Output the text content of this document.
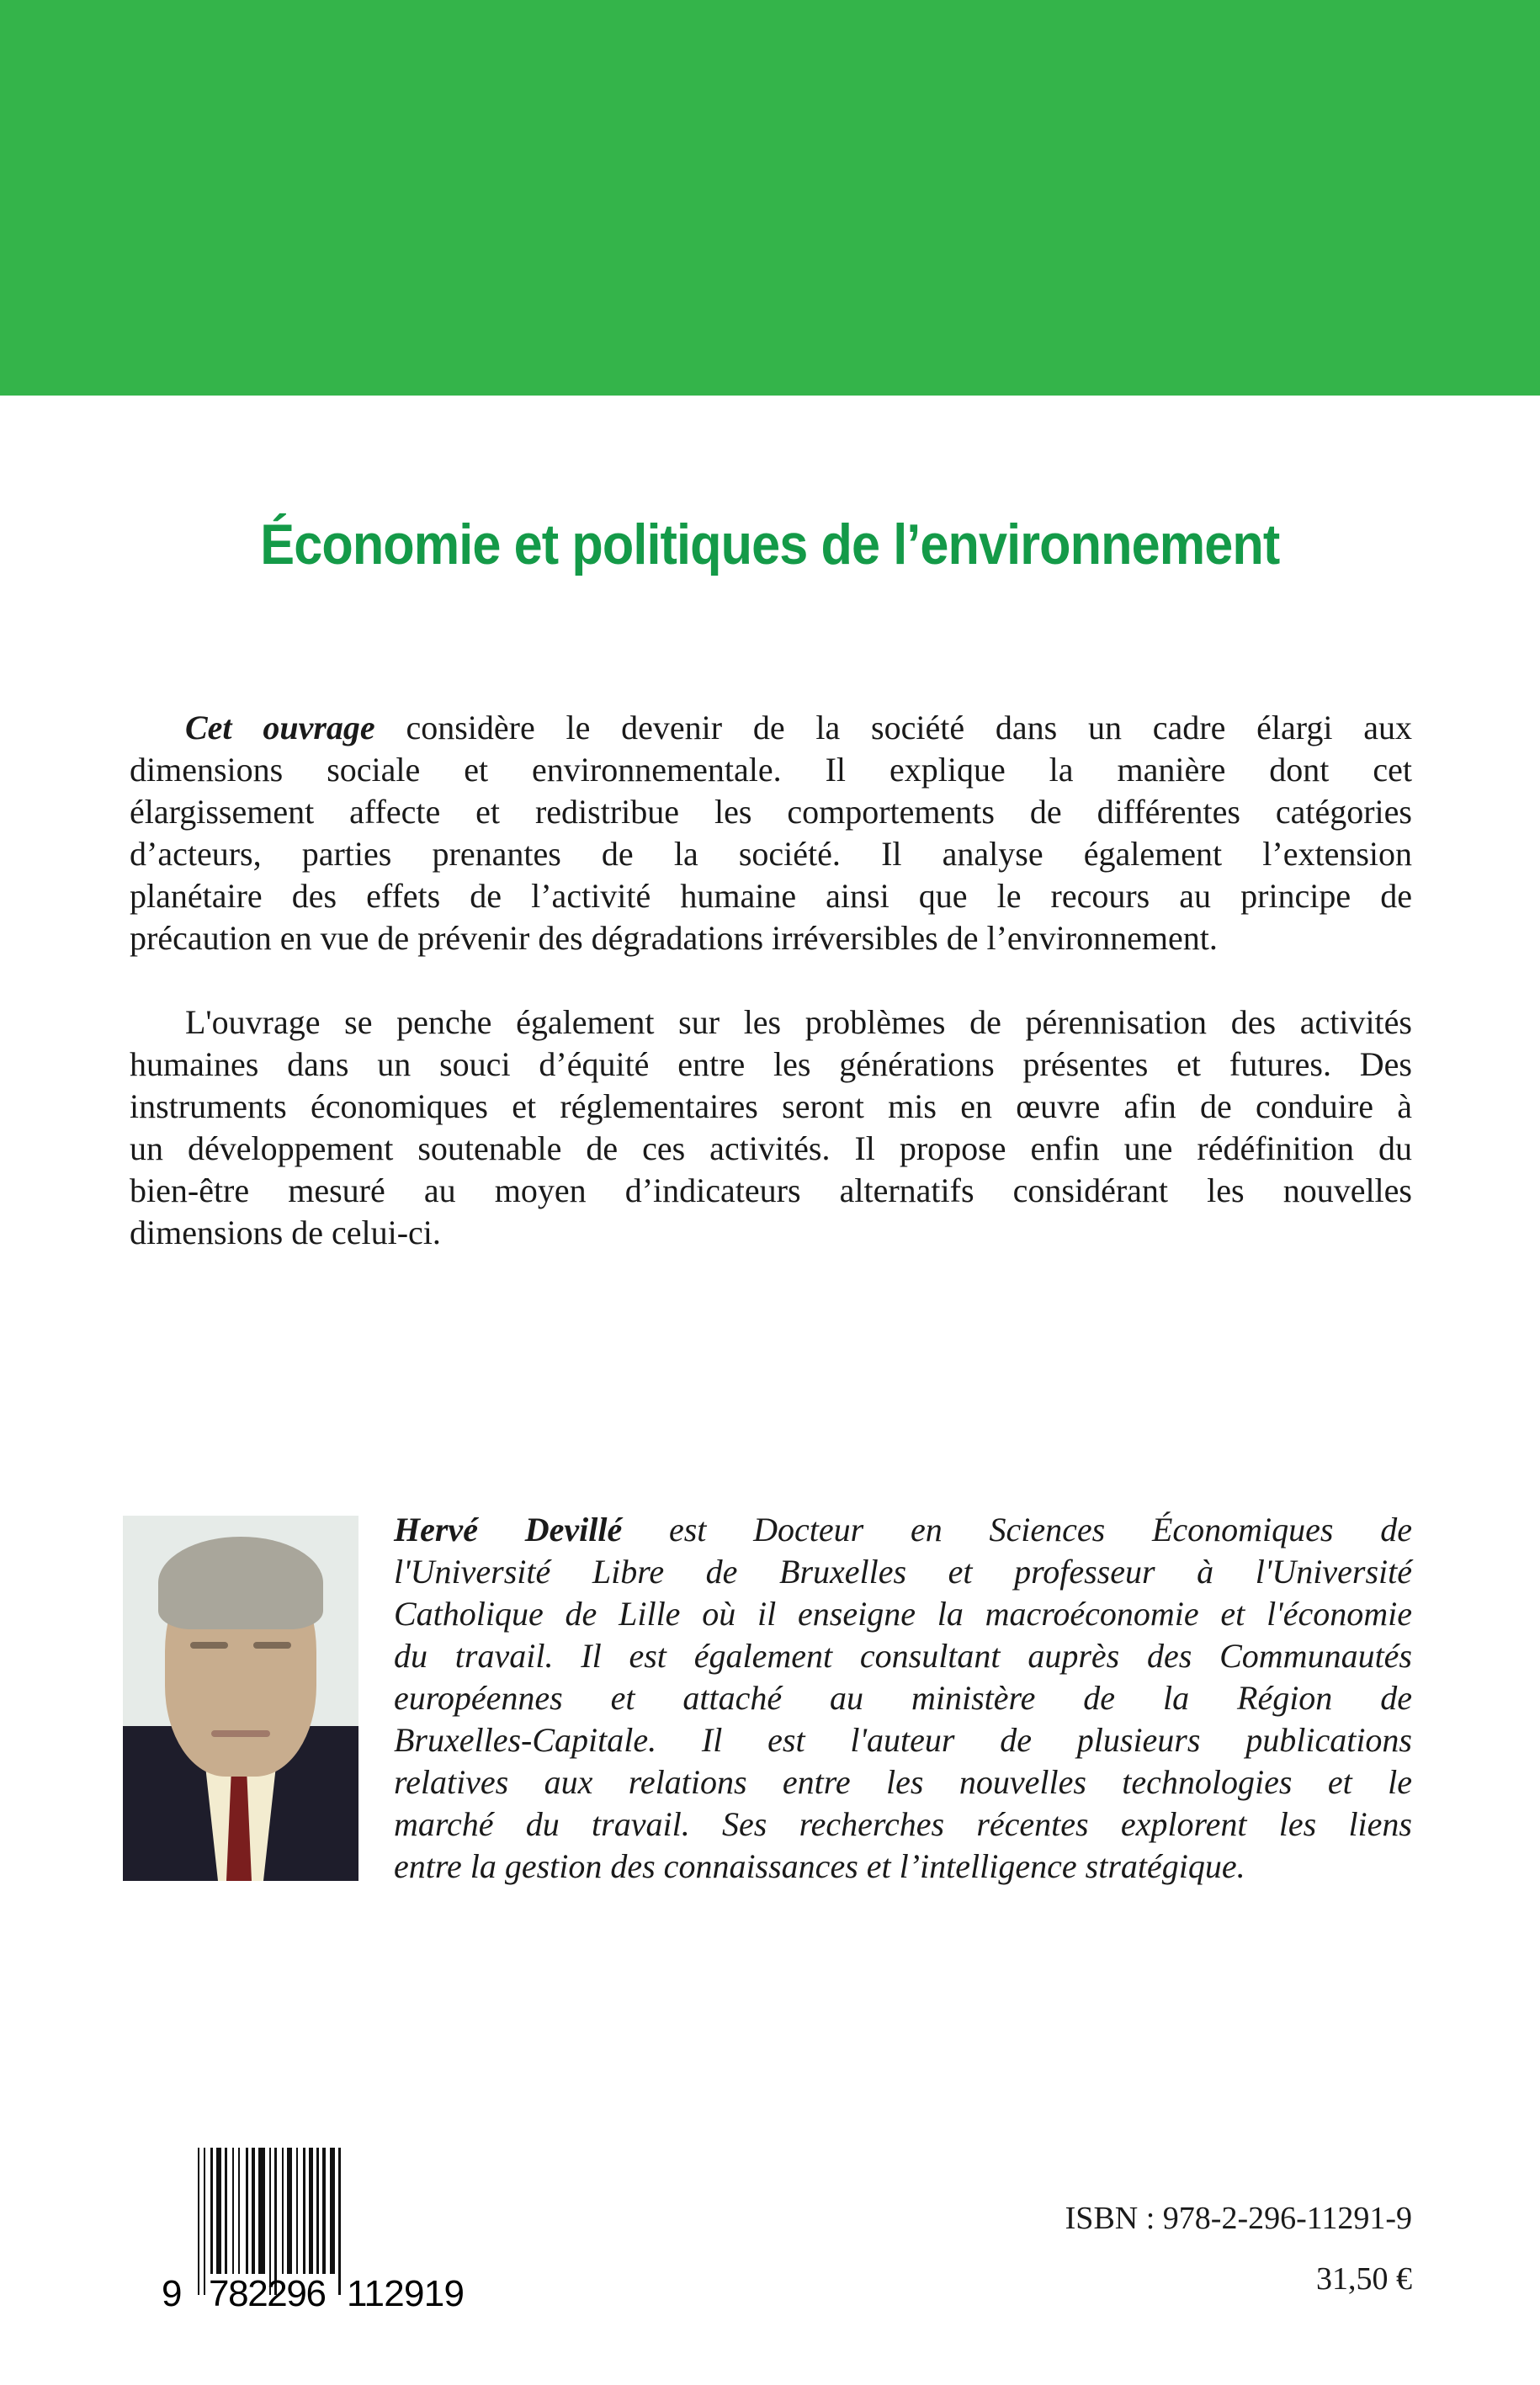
Économie et politiques de l’environnement
Cet ouvrage considère le devenir de la société dans un cadre élargi aux
dimensions sociale et environnementale. Il explique la manière dont cet
élargissement affecte et redistribue les comportements de différentes catégories
d’acteurs, parties prenantes de la société. Il analyse également l’extension
planétaire des effets de l’activité humaine ainsi que le recours au principe de
précaution en vue de prévenir des dégradations irréversibles de l’environnement.
L'ouvrage se penche également sur les problèmes de pérennisation des activités
humaines dans un souci d’équité entre les générations présentes et futures. Des
instruments économiques et réglementaires seront mis en œuvre afin de conduire à
un développement soutenable de ces activités. Il propose enfin une rédéfinition du
bien-être mesuré au moyen d’indicateurs alternatifs considérant les nouvelles
dimensions de celui-ci.
Hervé Devillé est Docteur en Sciences Économiques de
l'Université Libre de Bruxelles et professeur à l'Université
Catholique de Lille où il enseigne la macroéconomie et l'économie
du travail. Il est également consultant auprès des Communautés
européennes et attaché au ministère de la Région de
Bruxelles-Capitale. Il est l'auteur de plusieurs publications
relatives aux relations entre les nouvelles technologies et le
marché du travail. Ses recherches récentes explorent les liens
entre la gestion des connaissances et l’intelligence stratégique.
9 782296 112919
ISBN : 978-2-296-11291-9
31,50 €
